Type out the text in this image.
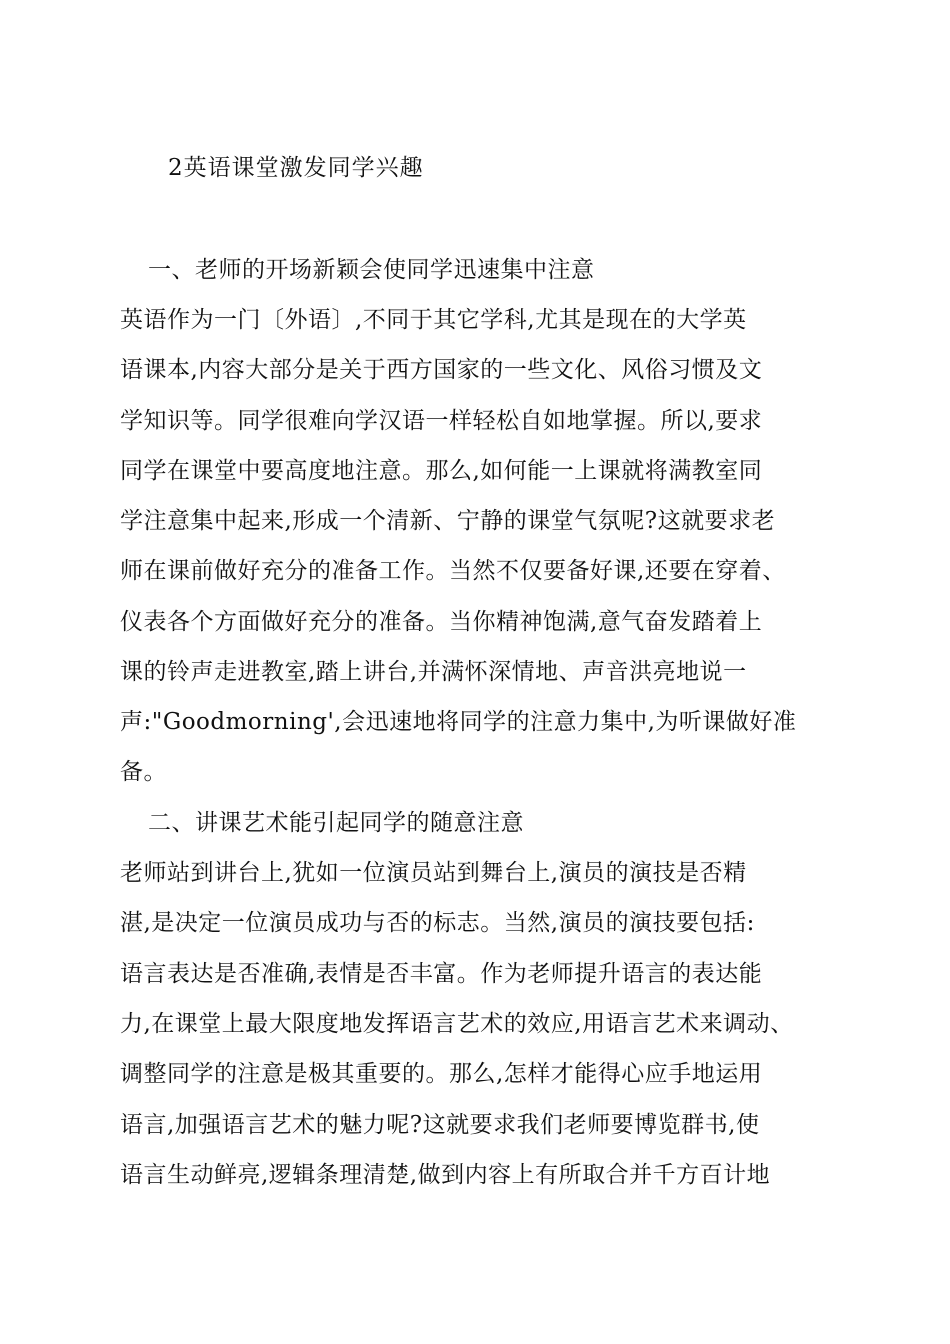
2英语课堂激发同学兴趣
一、老师的开场新颖会使同学迅速集中注意
英语作为一门〔外语〕,不同于其它学科,尤其是现在的大学英
语课本,内容大部分是关于西方国家的一些文化、风俗习惯及文
学知识等。同学很难向学汉语一样轻松自如地掌握。所以,要求
同学在课堂中要高度地注意。那么,如何能一上课就将满教室同
学注意集中起来,形成一个清新、宁静的课堂气氛呢?这就要求老
师在课前做好充分的准备工作。当然不仅要备好课,还要在穿着、
仪表各个方面做好充分的准备。当你精神饱满,意气奋发踏着上
课的铃声走进教室,踏上讲台,并满怀深情地、声音洪亮地说一
声:"Goodmorning',会迅速地将同学的注意力集中,为听课做好准
备。
二、讲课艺术能引起同学的随意注意
老师站到讲台上,犹如一位演员站到舞台上,演员的演技是否精
湛,是决定一位演员成功与否的标志。当然,演员的演技要包括:
语言表达是否准确,表情是否丰富。作为老师提升语言的表达能
力,在课堂上最大限度地发挥语言艺术的效应,用语言艺术来调动、
调整同学的注意是极其重要的。那么,怎样才能得心应手地运用
语言,加强语言艺术的魅力呢?这就要求我们老师要博览群书,使
语言生动鲜亮,逻辑条理清楚,做到内容上有所取合并千方百计地
